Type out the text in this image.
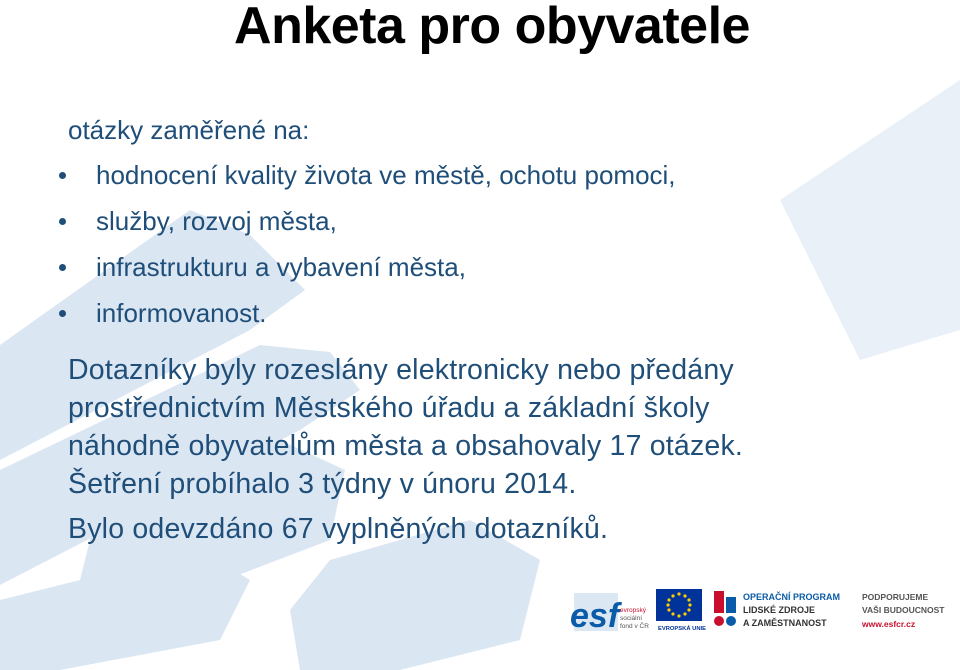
Anketa pro obyvatele
otázky zaměřené na:
hodnocení kvality života ve městě, ochotu pomoci,
služby, rozvoj města,
infrastrukturu a vybavení města,
informovanost.
Dotazníky byly rozeslány elektronicky nebo předány
prostřednictvím Městského úřadu a základní školy
náhodně obyvatelům města a obsahovaly 17 otázek.
Šetření probíhalo 3 týdny v únoru 2014.
Bylo odevzdáno 67 vyplněných dotazníků.
esf evropský
sociální
fond v ČR EVROPSKÁ UNIE
OPERAČNÍ PROGRAM
LIDSKÉ ZDROJE
A ZAMĚSTNANOST
PODPORUJEME
VAŠI BUDOUCNOST
www.esfcr.cz
